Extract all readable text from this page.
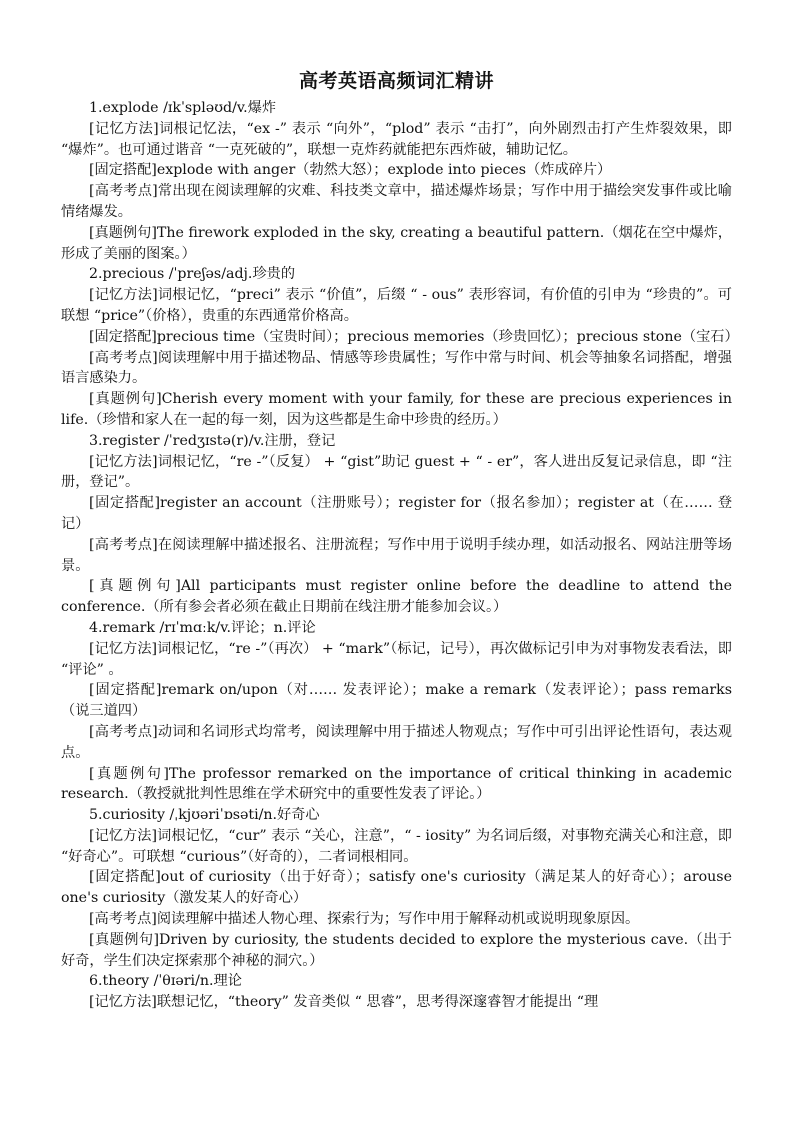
高考英语高频词汇精讲

1.explode /ɪkˈspləʊd/v.爆炸

[记忆方法]词根记忆法，“ex -” 表示 “向外”，“plod” 表示 “击打”，向外剧烈击打产生炸裂效果，即 “爆炸”。也可通过谐音 “一克死破的”，联想一克炸药就能把东西炸破，辅助记忆。

[固定搭配]explode with anger（勃然大怒）；explode into pieces（炸成碎片）

[高考考点]常出现在阅读理解的灾难、科技类文章中，描述爆炸场景；写作中用于描绘突发事件或比喻情绪爆发。

[真题例句]The firework exploded in the sky, creating a beautiful pattern.（烟花在空中爆炸，形成了美丽的图案。）

2.precious /ˈpreʃəs/adj.珍贵的

[记忆方法]词根记忆，“preci” 表示 “价值”，后缀 “ - ous” 表形容词，有价值的引申为 “珍贵的”。可联想 “price”（价格），贵重的东西通常价格高。

[固定搭配]precious time（宝贵时间）；precious memories（珍贵回忆）；precious stone（宝石）

[高考考点]阅读理解中用于描述物品、情感等珍贵属性；写作中常与时间、机会等抽象名词搭配，增强语言感染力。

[真题例句]Cherish every moment with your family, for these are precious experiences in life.（珍惜和家人在一起的每一刻，因为这些都是生命中珍贵的经历。）

3.register /ˈredʒɪstə(r)/v.注册，登记

[记忆方法]词根记忆，“re -”（反复） + “gist”助记 guest + “ - er”，客人进出反复记录信息，即 “注册，登记”。

[固定搭配]register an account（注册账号）；register for（报名参加）；register at（在…… 登记）

[高考考点]在阅读理解中描述报名、注册流程；写作中用于说明手续办理，如活动报名、网站注册等场景。

[真题例句]All participants must register online before the deadline to attend the conference.（所有参会者必须在截止日期前在线注册才能参加会议。）

4.remark /rɪˈmɑːk/v.评论；n.评论

[记忆方法]词根记忆，“re -”（再次） + “mark”（标记，记号），再次做标记引申为对事物发表看法，即 “评论” 。

[固定搭配]remark on/upon（对…… 发表评论）；make a remark（发表评论）；pass remarks（说三道四）

[高考考点]动词和名词形式均常考，阅读理解中用于描述人物观点；写作中可引出评论性语句，表达观点。

[真题例句]The professor remarked on the importance of critical thinking in academic research.（教授就批判性思维在学术研究中的重要性发表了评论。）

5.curiosity /ˌkjʊəriˈɒsəti/n.好奇心

[记忆方法]词根记忆，“cur” 表示 “关心，注意”，“ - iosity” 为名词后缀，对事物充满关心和注意，即 “好奇心”。可联想 “curious”（好奇的），二者词根相同。

[固定搭配]out of curiosity（出于好奇）；satisfy one's curiosity（满足某人的好奇心）；arouse one's curiosity（激发某人的好奇心）

[高考考点]阅读理解中描述人物心理、探索行为；写作中用于解释动机或说明现象原因。

[真题例句]Driven by curiosity, the students decided to explore the mysterious cave.（出于好奇，学生们决定探索那个神秘的洞穴。）

6.theory /ˈθɪəri/n.理论

[记忆方法]联想记忆，“theory” 发音类似 “ 思睿”，思考得深邃睿智才能提出 “理
